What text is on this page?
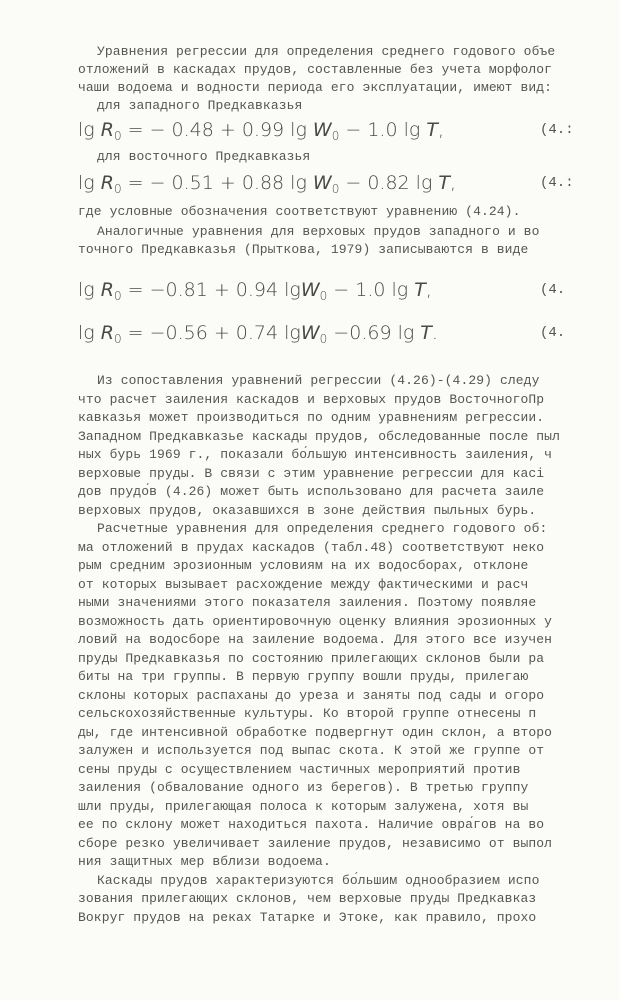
Уравнения регрессии для определения среднего годового объе
отложений в каскадах прудов, составленные без учета морфолог
чаши водоема и водности периода его эксплуатации, имеют вид:
для западного Предкавказья
$\lg R_0$ = − 0.48 + 0.99 $\lg W_0 - 1.0$ lg T,	(4.:
для восточного Предкавказья
$\lg R_0$ = − 0.51 + 0.88 $\lg W_0 - 0.82$ lg T,	(4.:
где условные обозначения соответствуют уравнению (4.24).
Аналогичные уравнения для верховых прудов западного и во
точного Предкавказья (Прыткова, 1979) записываются в виде
$\lg R_0 = -0.81 + 0.94$ lgW$_0$ − 1.0 lg T,	(4.
$\lg R_0 = -0.56 + 0.74$ lgW$_0$ −0.69 lg T.	(4.
Из сопоставления уравнений регрессии (4.26)-(4.29) следу
что расчет заиления каскадов и верховых прудов ВосточногоПр
кавказья может производиться по одним уравнениям регрессии.
Западном Предкавказье каскады прудов, обследованные после пыл
ных бурь 1969 г., показали бо́льшую интенсивность заиления, ч
верховые пруды. В связи с этим уравнение регрессии для касі
дов прудо́в (4.26) может быть использовано для расчета заиле
верховых прудов, оказавшихся в зоне действия пыльных бурь.
Расчетные уравнения для определения среднего годового об:
ма отложений в прудах каскадов (табл.48) соответствуют неко
рым средним эрозионным условиям на их водосборах, отклоне
от которых вызывает расхождение между фактическими и расч
ными значениями этого показателя заиления. Поэтому появляе
возможность дать ориентировочную оценку влияния эрозионных у
ловий на водосборе на заиление водоема. Для этого все изучен
пруды Предкавказья по состоянию прилегающих склонов были ра
биты на три группы. В первую группу вошли пруды, прилегаю
склоны которых распаханы до уреза и заняты под сады и огоро
сельскохозяйственные культуры. Ко второй группе отнесены п
ды, где интенсивной обработке подвергнут один склон, а второ
залужен и используется под выпас скота. К этой же группе от
сены пруды с осуществлением частичных мероприятий против
заиления (обвалование одного из берегов). В третью группу
шли пруды, прилегающая полоса к которым залужена, хотя вы
ее по склону может находиться пахота. Наличие овра́гов на во
сборе резко увеличивает заиление прудов, независимо от выпол
ния защитных мер вблизи водоема.
Каскады прудов характеризуются бо́льшим однообразием испо
зования прилегающих склонов, чем верховые пруды Предкавказ
Вокруг прудов на реках Татарке и Этоке, как правило, прохо
